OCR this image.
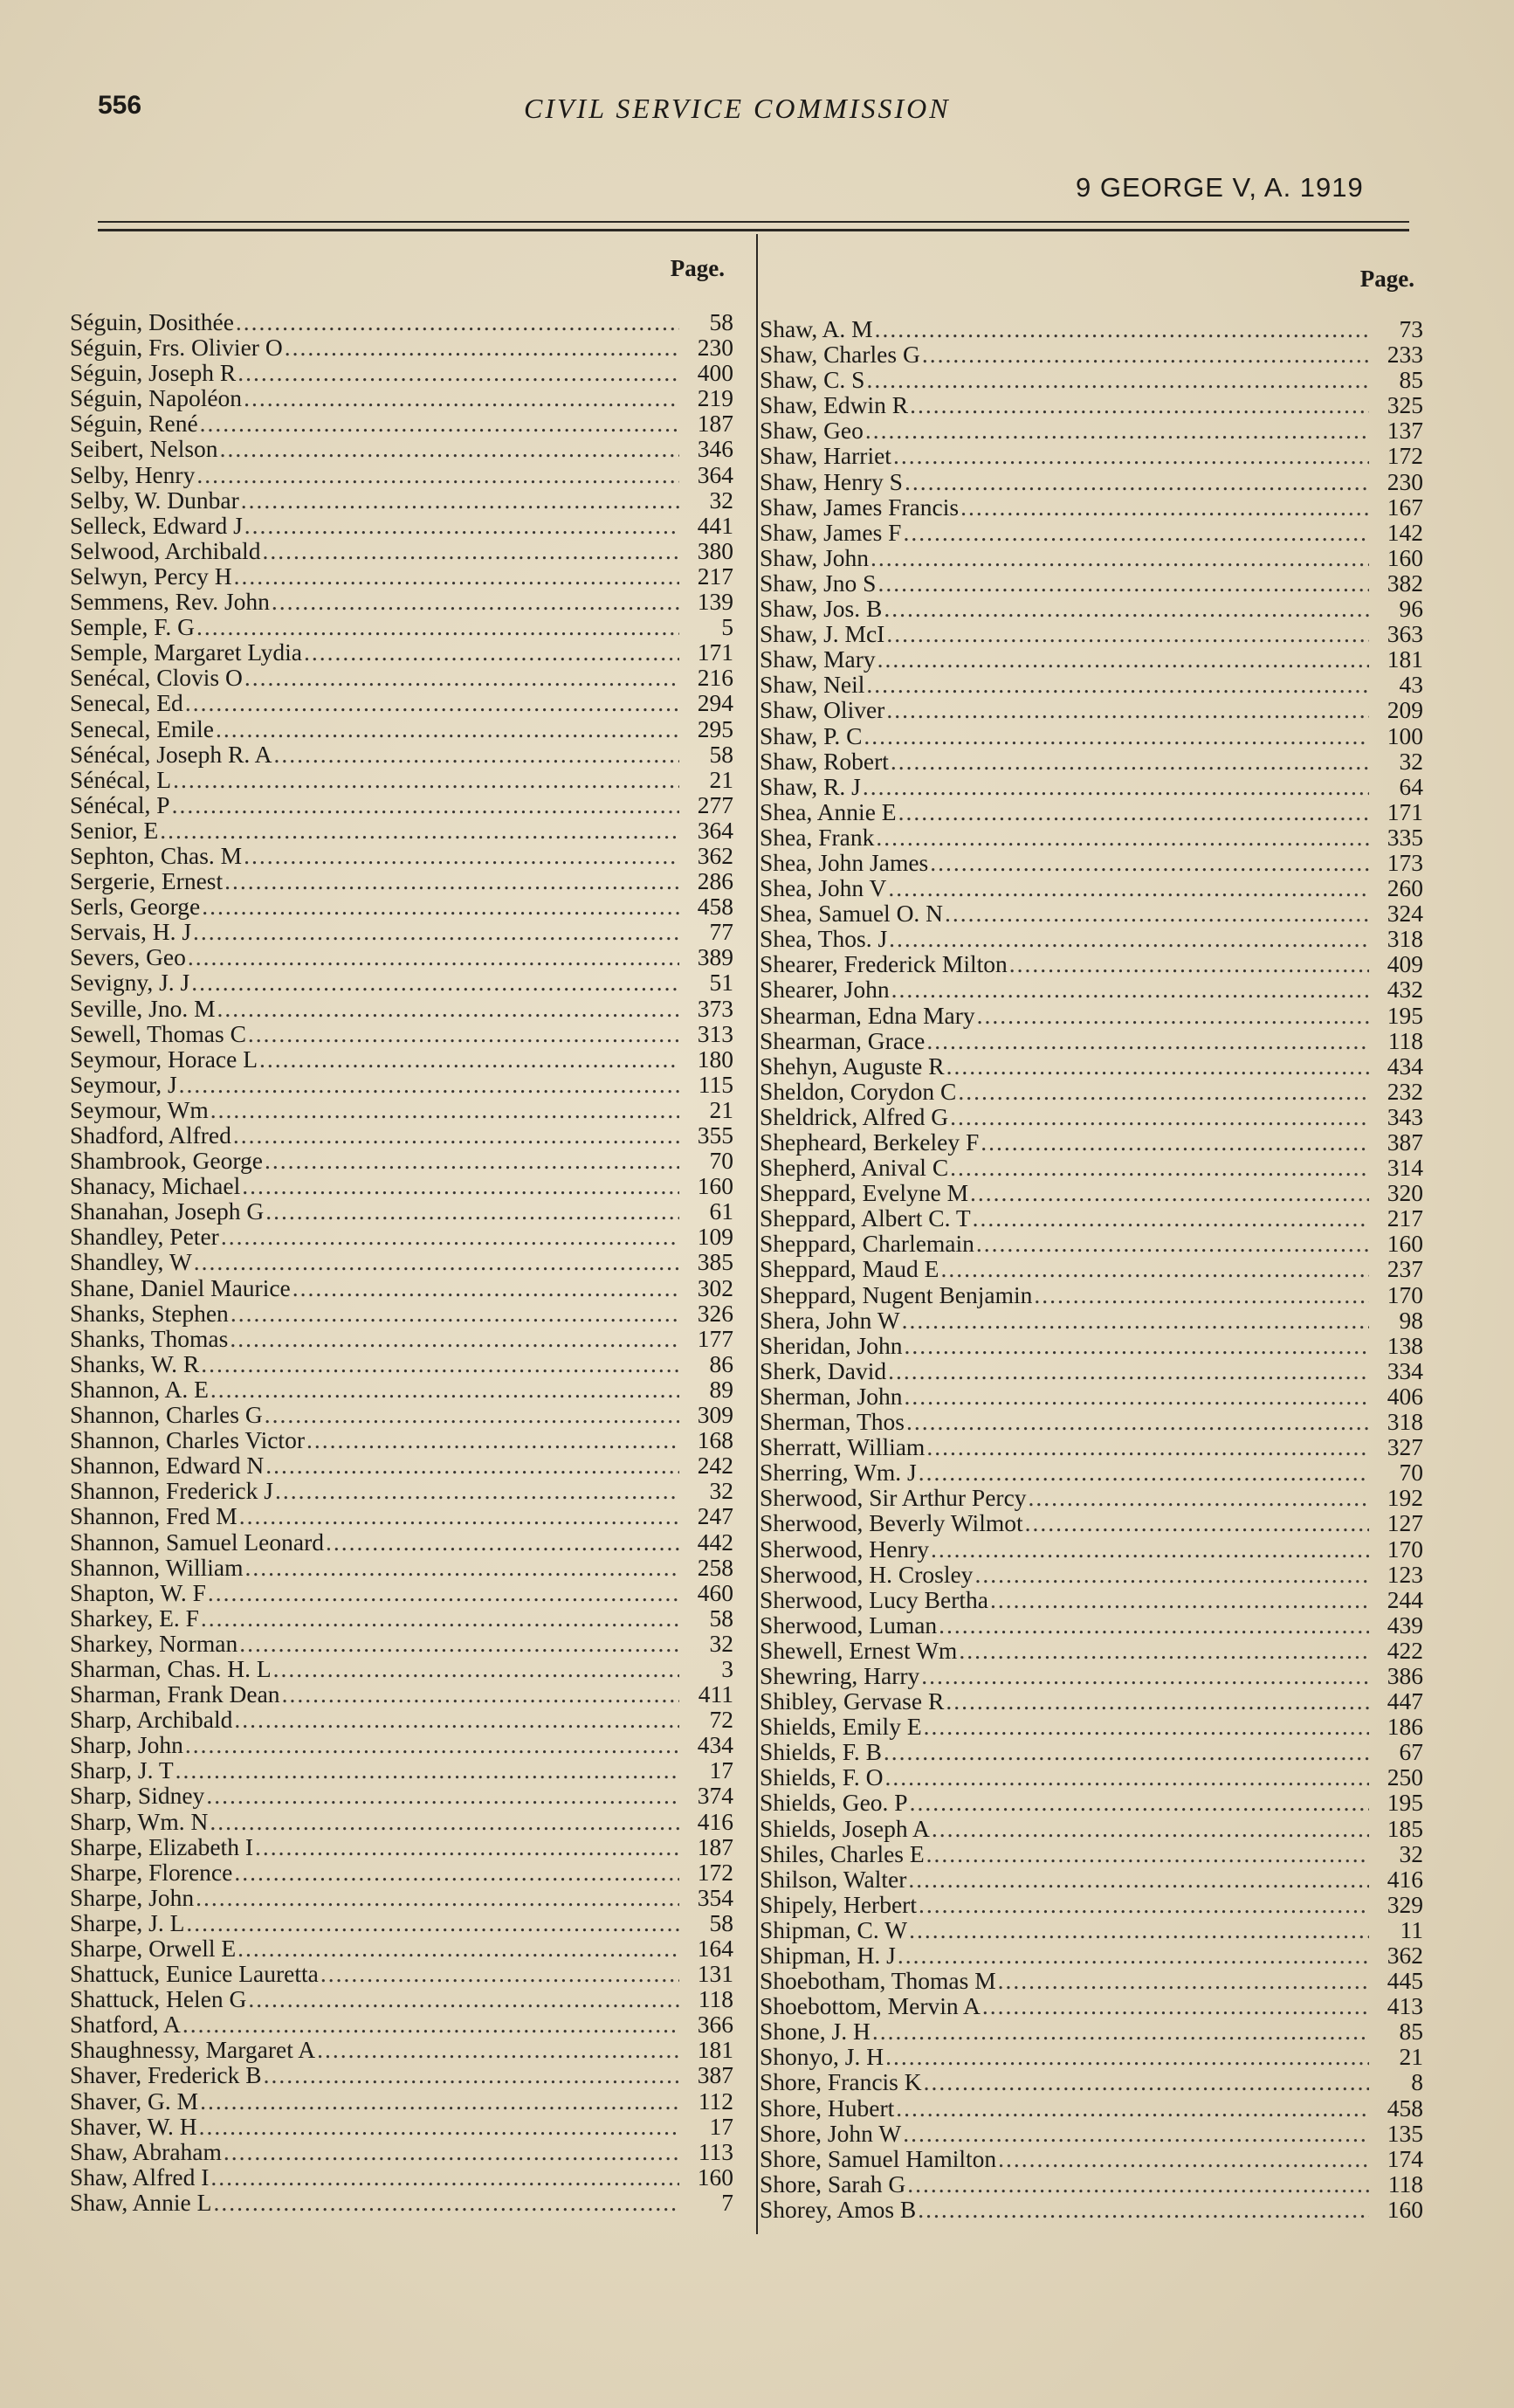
556	CIVIL SERVICE COMMISSION
9 GEORGE V, A. 1919
Page.
Séguin, Dosithée .....	58
Séguin, Frs. Olivier O .....	230
Séguin, Joseph R .....	400
Séguin, Napoléon .....	219
Séguin, René .....	187
Seibert, Nelson .....	346
Selby, Henry .....	364
Selby, W. Dunbar .....	32
Selleck, Edward J .....	441
Selwood, Archibald .....	380
Selwyn, Percy H .....	217
Semmens, Rev. John .....	139
Semple, F. G .....	5
Semple, Margaret Lydia .....	171
Senécal, Clovis O .....	216
Senecal, Ed .....	294
Senecal, Emile .....	295
Sénécal, Joseph R. A .....	58
Sénécal, L .....	21
Sénécal, P .....	277
Senior, E .....	364
Sephton, Chas. M .....	362
Sergerie, Ernest .....	286
Serls, George .....	458
Servais, H. J .....	77
Severs, Geo .....	389
Sevigny, J. J .....	51
Seville, Jno. M .....	373
Sewell, Thomas C .....	313
Seymour, Horace L .....	180
Seymour, J .....	115
Seymour, Wm .....	21
Shadford, Alfred .....	355
Shambrook, George .....	70
Shanacy, Michael .....	160
Shanahan, Joseph G .....	61
Shandley, Peter .....	109
Shandley, W .....	385
Shane, Daniel Maurice .....	302
Shanks, Stephen .....	326
Shanks, Thomas .....	177
Shanks, W. R .....	86
Shannon, A. E .....	89
Shannon, Charles G .....	309
Shannon, Charles Victor .....	168
Shannon, Edward N .....	242
Shannon, Frederick J .....	32
Shannon, Fred M .....	247
Shannon, Samuel Leonard .....	442
Shannon, William .....	258
Shapton, W. F .....	460
Sharkey, E. F .....	58
Sharkey, Norman .....	32
Sharman, Chas. H. L .....	3
Sharman, Frank Dean .....	411
Sharp, Archibald .....	72
Sharp, John .....	434
Sharp, J. T .....	17
Sharp, Sidney .....	374
Sharp, Wm. N .....	416
Sharpe, Elizabeth I .....	187
Sharpe, Florence .....	172
Sharpe, John .....	354
Sharpe, J. L .....	58
Sharpe, Orwell E .....	164
Shattuck, Eunice Lauretta .....	131
Shattuck, Helen G .....	118
Shatford, A .....	366
Shaughnessy, Margaret A .....	181
Shaver, Frederick B .....	387
Shaver, G. M .....	112
Shaver, W. H .....	17
Shaw, Abraham .....	113
Shaw, Alfred I .....	160
Shaw, Annie L .....	7
Page.
Shaw, A. M .....	73
Shaw, Charles G .....	233
Shaw, C. S .....	85
Shaw, Edwin R .....	325
Shaw, Geo .....	137
Shaw, Harriet .....	172
Shaw, Henry S .....	230
Shaw, James Francis .....	167
Shaw, James F .....	142
Shaw, John .....	160
Shaw, Jno S .....	382
Shaw, Jos. B .....	96
Shaw, J. McI .....	363
Shaw, Mary .....	181
Shaw, Neil .....	43
Shaw, Oliver .....	209
Shaw, P. C .....	100
Shaw, Robert .....	32
Shaw, R. J .....	64
Shea, Annie E .....	171
Shea, Frank .....	335
Shea, John James .....	173
Shea, John V .....	260
Shea, Samuel O. N .....	324
Shea, Thos. J .....	318
Shearer, Frederick Milton .....	409
Shearer, John .....	432
Shearman, Edna Mary .....	195
Shearman, Grace .....	118
Shehyn, Auguste R .....	434
Sheldon, Corydon C .....	232
Sheldrick, Alfred G .....	343
Shepheard, Berkeley F .....	387
Shepherd, Anival C .....	314
Sheppard, Evelyne M .....	320
Sheppard, Albert C. T .....	217
Sheppard, Charlemain .....	160
Sheppard, Maud E .....	237
Sheppard, Nugent Benjamin .....	170
Shera, John W .....	98
Sheridan, John .....	138
Sherk, David .....	334
Sherman, John .....	406
Sherman, Thos .....	318
Sherratt, William .....	327
Sherring, Wm. J .....	70
Sherwood, Sir Arthur Percy .....	192
Sherwood, Beverly Wilmot .....	127
Sherwood, Henry .....	170
Sherwood, H. Crosley .....	123
Sherwood, Lucy Bertha .....	244
Sherwood, Luman .....	439
Shewell, Ernest Wm .....	422
Shewring, Harry .....	386
Shibley, Gervase R .....	447
Shields, Emily E .....	186
Shields, F. B .....	67
Shields, F. O .....	250
Shields, Geo. P .....	195
Shields, Joseph A .....	185
Shiles, Charles E .....	32
Shilson, Walter .....	416
Shipely, Herbert .....	329
Shipman, C. W .....	11
Shipman, H. J .....	362
Shoebotham, Thomas M .....	445
Shoebottom, Mervin A .....	413
Shone, J. H .....	85
Shonyo, J. H .....	21
Shore, Francis K .....	8
Shore, Hubert .....	458
Shore, John W .....	135
Shore, Samuel Hamilton .....	174
Shore, Sarah G .....	118
Shorey, Amos B .....	160
